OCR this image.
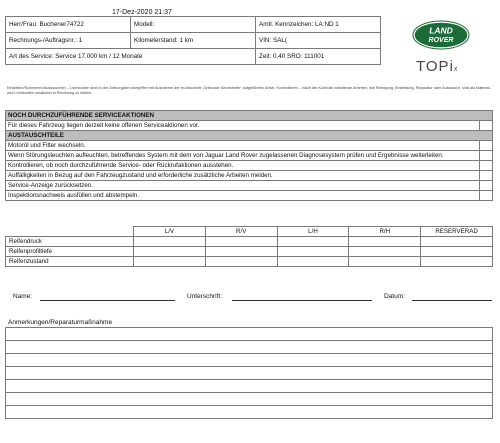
17-Dez-2020 21:37
Herr/Frau: Buchener74722	Modell:	Amtl. Kennzeichen: LA:ND 1
Rechnungs-/Auftragsnr.: 1	Kilometerstand: 1 km	VIN: SAL(
Art des Service: Service 17.000 km / 12 Monate		Zeit: 0.40 SRO: 111001
LAND
ROVER
TOPix
Einstellen/Schmieren/Austauschen – Lohnkosten sind in der Zeitvorgabe inbegriffen mit Ausnahme der im Abschnitt „Optionale Serviceteile“ aufgeführten Arikel. Kontrollieren – Nach der Kontrolle anfallende Arbeiten, wie Reinigung, Einstellung, Reparatur oder Austausch, sind als Material- und Lohnkosten zusätzlich in Rechnung zu stellen.
NOCH DURCHZUFÜHRENDE SERVICEAKTIONEN	
Für dieses Fahrzeug liegen derzeit keine offenen Serviceaktionen vor.	
AUSTAUSCHTEILE	
Motoröl und Filter wechseln.	
Wenn Störungsleuchten aufleuchten, betreffendes System mit dem von Jaguar Land Rover zugelassenen Diagnosesystem prüfen und Ergebnisse weiterleiten.	
Kontrollieren, ob noch durchzuführende Service- oder Rückrufaktionen ausstehen.	
Auffälligkeiten in Bezug auf den Fahrzeugzustand und erforderliche zusätzliche Arbeiten melden.	
Service-Anzeige zurücksetzen.	
Inspektionsnachweis ausfüllen und abstempeln.	
	L/V	R/V	L/H	R/H	RESERVERAD
Reifendruck					
Reifenprofiltiefe					
Reifenzustand					
Name:	Unterschrift:	Datum:
Anmerkungen/Reparaturmaßnahme
